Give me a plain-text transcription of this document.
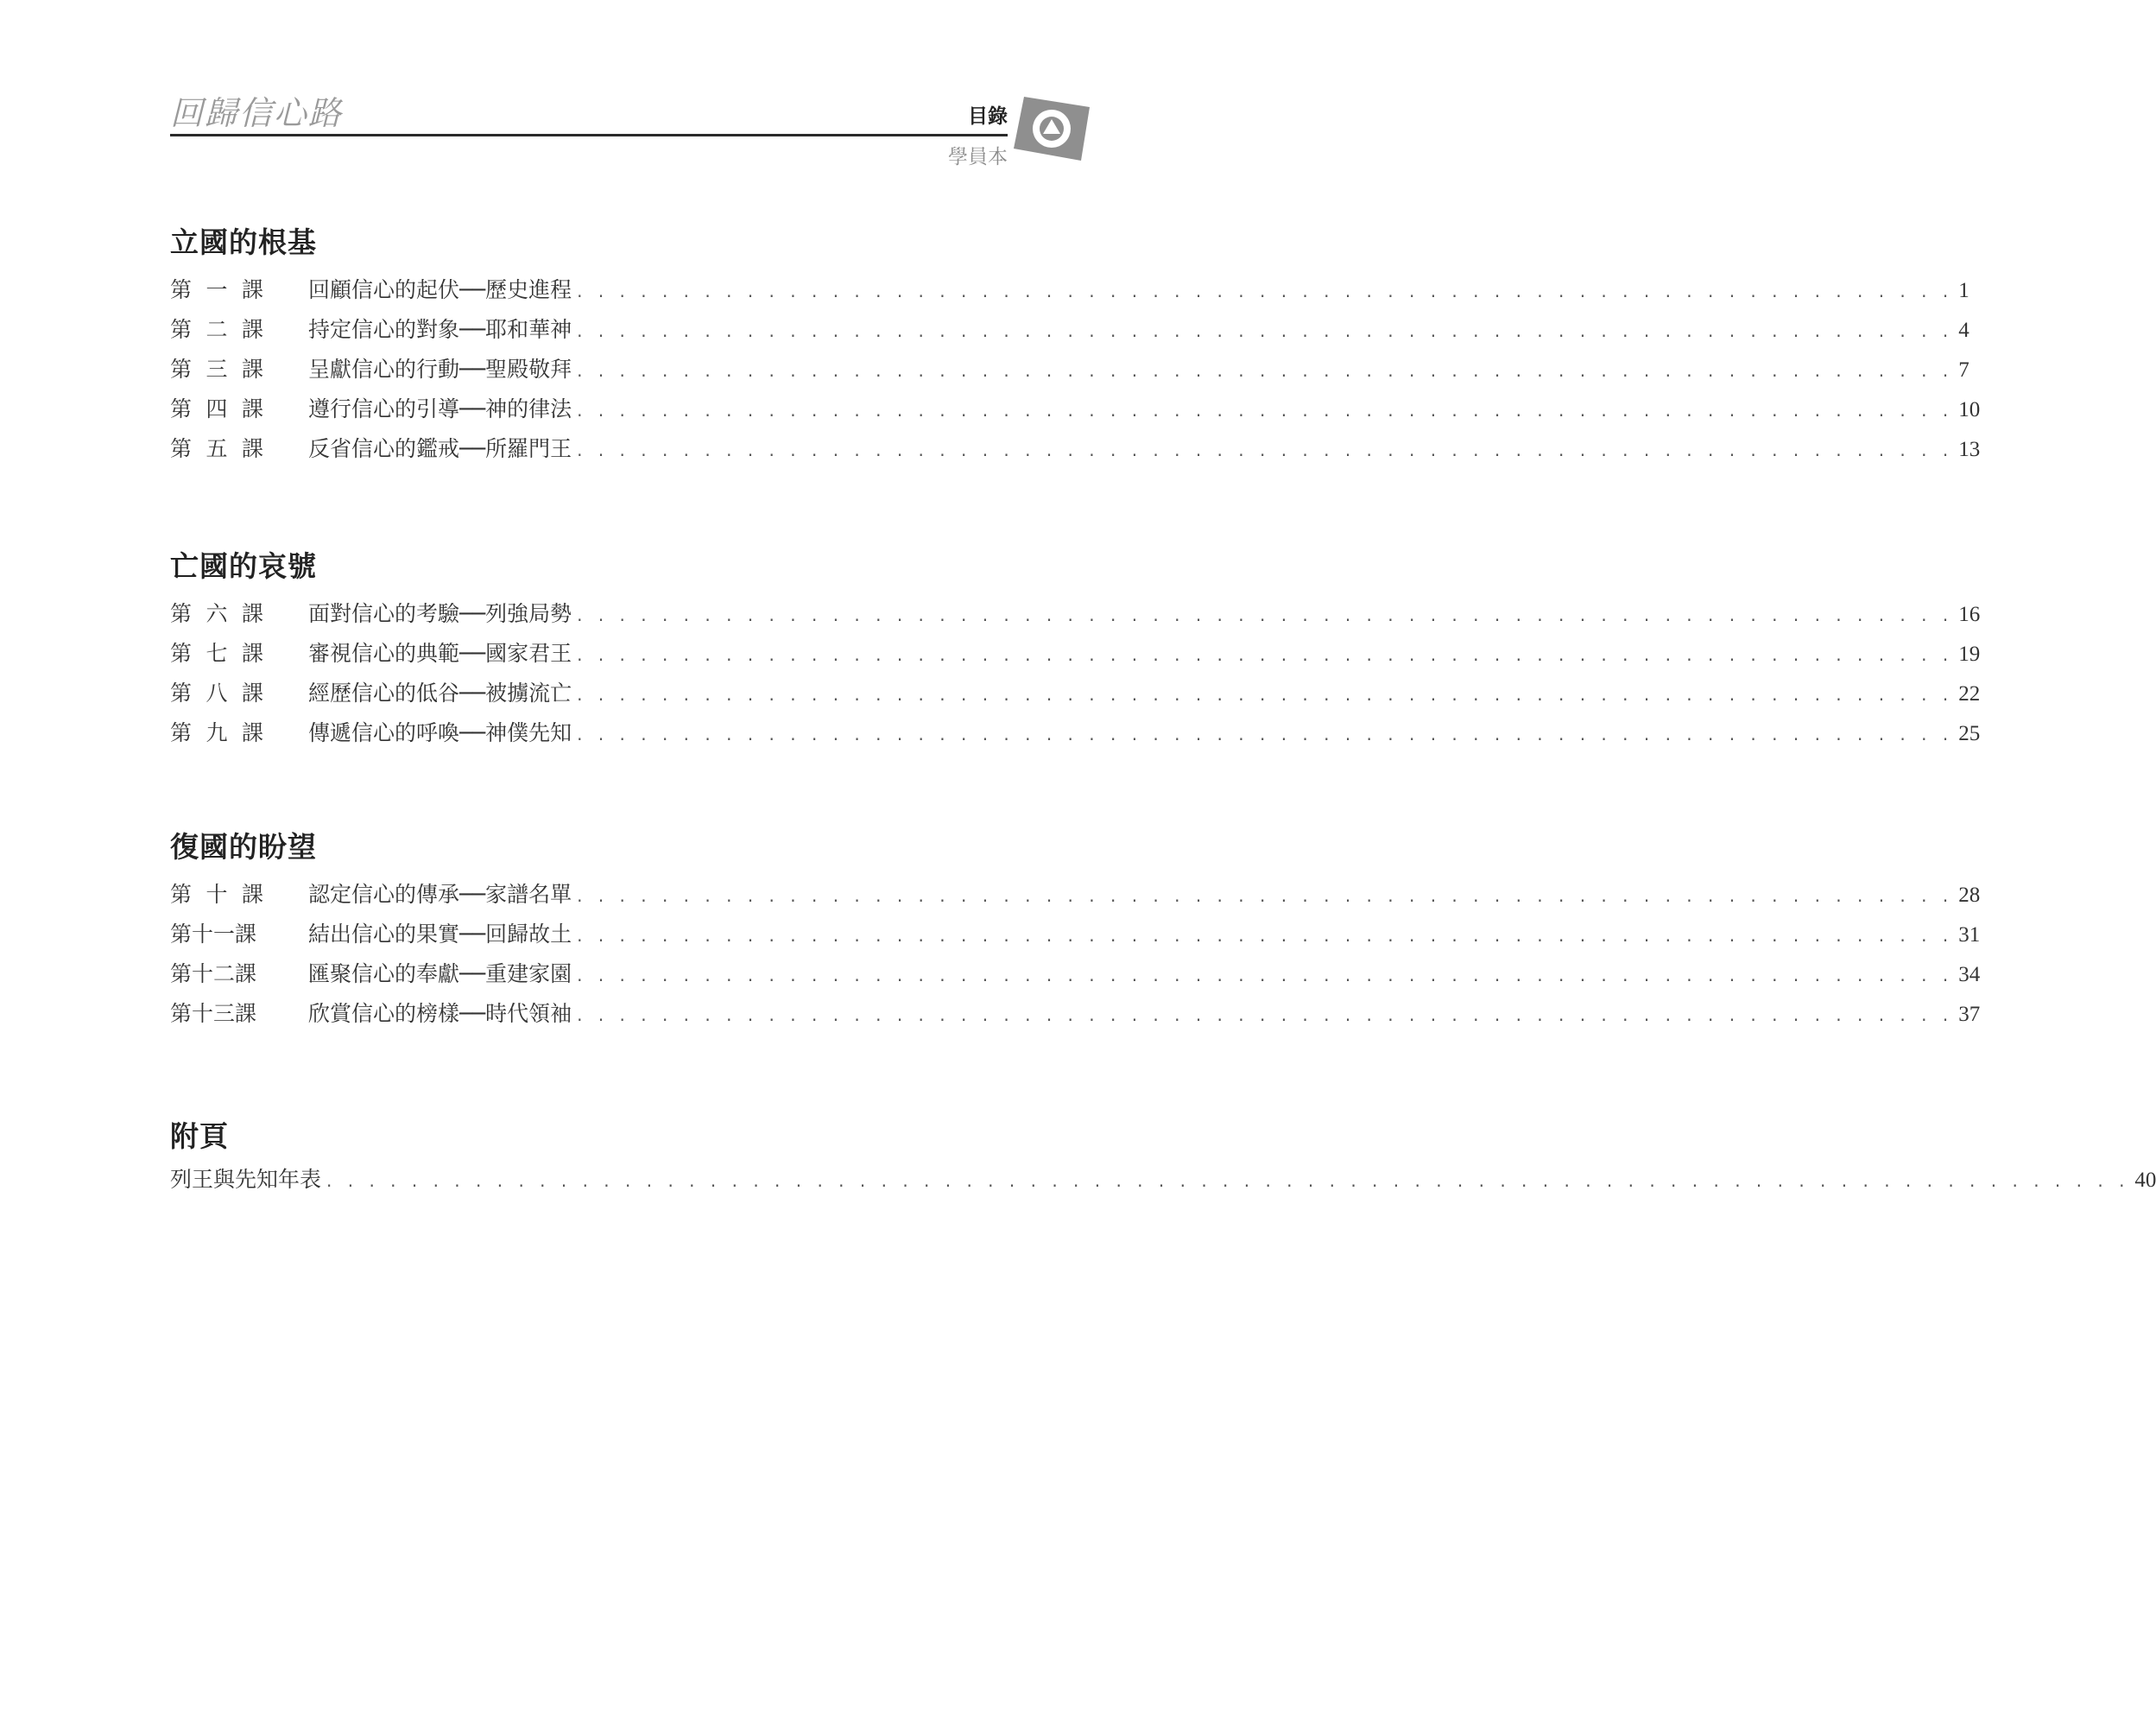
回歸信心路	目錄
學員本
立國的根基
第 一 課 回顧信心的起伏──歷史進程 . . . . . . . . . . . . . . . . . . . . . . . . . . . . . . . . . . . . . . . . . . . . . . . . . . . . . . . . . . . . . . . . . 1
第 二 課 持定信心的對象──耶和華神 . . . . . . . . . . . . . . . . . . . . . . . . . . . . . . . . . . . . . . . . . . . . . . . . . . . . . . . . . . . . . . . . . 4
第 三 課 呈獻信心的行動──聖殿敬拜 . . . . . . . . . . . . . . . . . . . . . . . . . . . . . . . . . . . . . . . . . . . . . . . . . . . . . . . . . . . . . . . . . 7
第 四 課 遵行信心的引導──神的律法 . . . . . . . . . . . . . . . . . . . . . . . . . . . . . . . . . . . . . . . . . . . . . . . . . . . . . . . . . . . . . . . . . 10
第 五 課 反省信心的鑑戒──所羅門王 . . . . . . . . . . . . . . . . . . . . . . . . . . . . . . . . . . . . . . . . . . . . . . . . . . . . . . . . . . . . . . . . . 13
亡國的哀號
第 六 課 面對信心的考驗──列強局勢 . . . . . . . . . . . . . . . . . . . . . . . . . . . . . . . . . . . . . . . . . . . . . . . . . . . . . . . . . . . . . . . . . 16
第 七 課 審視信心的典範──國家君王 . . . . . . . . . . . . . . . . . . . . . . . . . . . . . . . . . . . . . . . . . . . . . . . . . . . . . . . . . . . . . . . . . 19
第 八 課 經歷信心的低谷──被擄流亡 . . . . . . . . . . . . . . . . . . . . . . . . . . . . . . . . . . . . . . . . . . . . . . . . . . . . . . . . . . . . . . . . . 22
第 九 課 傳遞信心的呼喚──神僕先知 . . . . . . . . . . . . . . . . . . . . . . . . . . . . . . . . . . . . . . . . . . . . . . . . . . . . . . . . . . . . . . . . . 25
復國的盼望
第 十 課 認定信心的傳承──家譜名單 . . . . . . . . . . . . . . . . . . . . . . . . . . . . . . . . . . . . . . . . . . . . . . . . . . . . . . . . . . . . . . . . . 28
第十一課 結出信心的果實──回歸故土 . . . . . . . . . . . . . . . . . . . . . . . . . . . . . . . . . . . . . . . . . . . . . . . . . . . . . . . . . . . . . . . . . 31
第十二課 匯聚信心的奉獻──重建家園 . . . . . . . . . . . . . . . . . . . . . . . . . . . . . . . . . . . . . . . . . . . . . . . . . . . . . . . . . . . . . . . . . 34
第十三課 欣賞信心的榜樣──時代領袖 . . . . . . . . . . . . . . . . . . . . . . . . . . . . . . . . . . . . . . . . . . . . . . . . . . . . . . . . . . . . . . . . . 37
附頁
列王與先知年表 . . . . . . . . . . . . . . . . . . . . . . . . . . . . . . . . . . . . . . . . . . . . . . . . . . . . . . . . . . . . . . . . . . . . . . . . . . . . . . . . . . . . . 40
